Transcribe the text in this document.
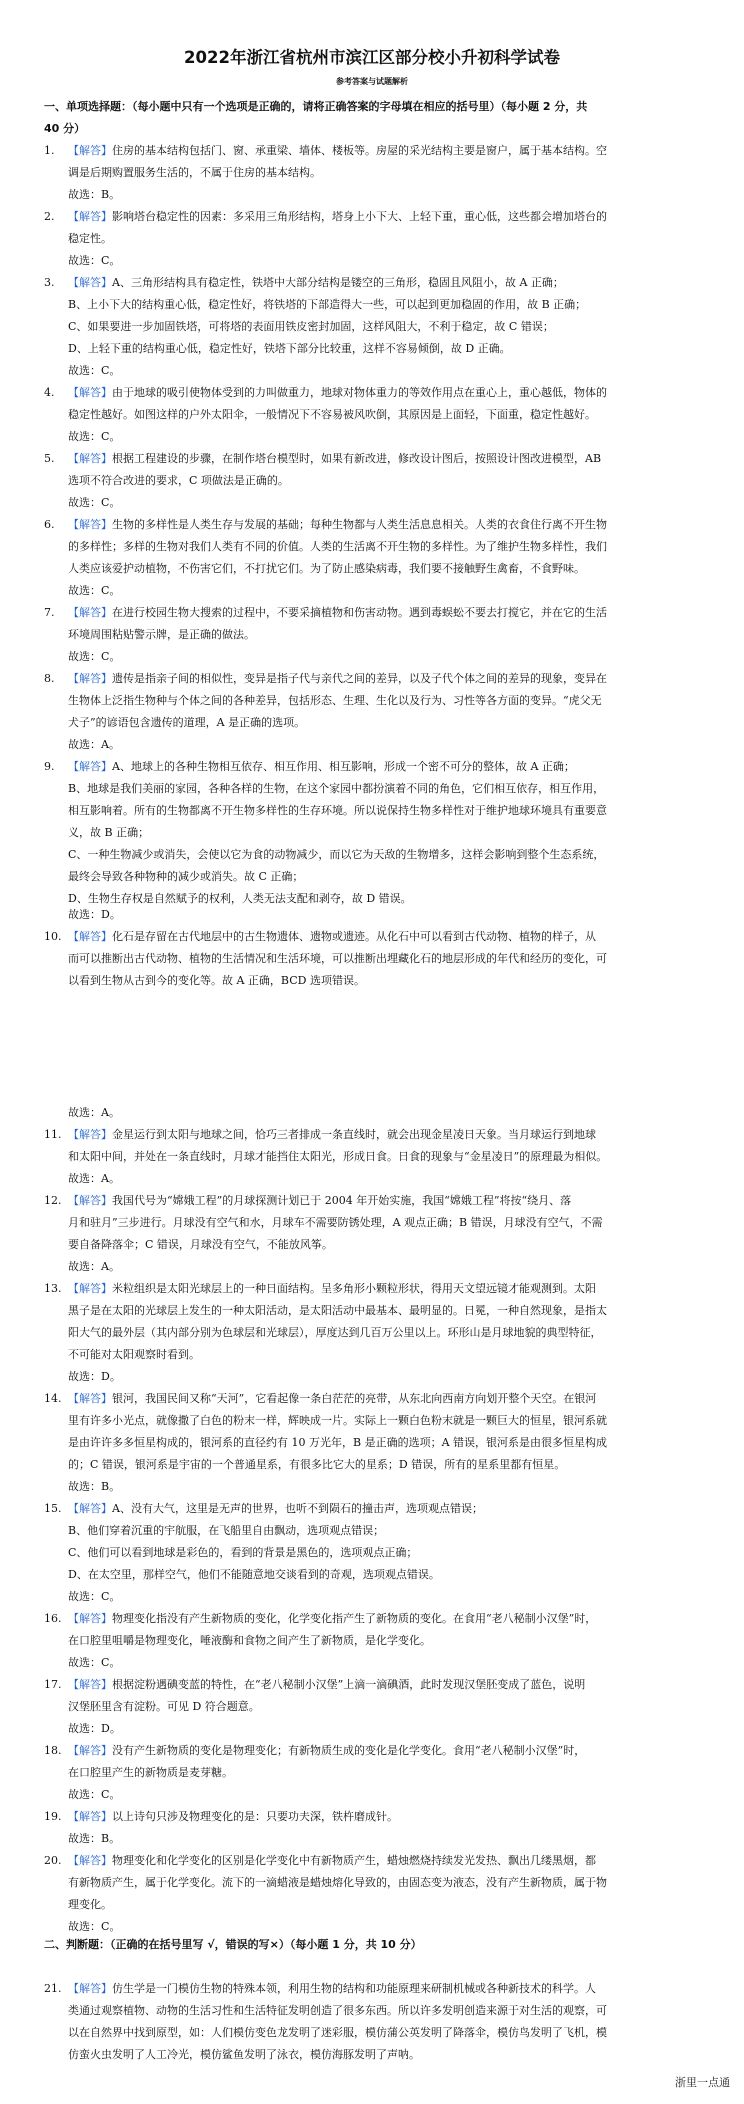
2022年浙江省杭州市滨江区部分校小升初科学试卷
参考答案与试题解析
一、单项选择题：（每小题中只有一个选项是正确的，请将正确答案的字母填在相应的括号里）（每小题 2 分，共
40 分）
1.	【解答】住房的基本结构包括门、窗、承重梁、墙体、楼板等。房屋的采光结构主要是窗户，属于基本结构。空
调是后期购置服务生活的，不属于住房的基本结构。
故选：B。
2.	【解答】影响塔台稳定性的因素：多采用三角形结构，塔身上小下大、上轻下重，重心低，这些都会增加塔台的
稳定性。
故选：C。
3.	【解答】A、三角形结构具有稳定性，铁塔中大部分结构是镂空的三角形，稳固且风阻小，故 A 正确；
B、上小下大的结构重心低，稳定性好，将铁塔的下部造得大一些，可以起到更加稳固的作用，故 B 正确；
C、如果要进一步加固铁塔，可将塔的表面用铁皮密封加固，这样风阻大，不利于稳定，故 C 错误；
D、上轻下重的结构重心低，稳定性好，铁塔下部分比较重，这样不容易倾倒，故 D 正确。
故选：C。
4.	【解答】由于地球的吸引使物体受到的力叫做重力，地球对物体重力的等效作用点在重心上，重心越低，物体的
稳定性越好。如图这样的户外太阳伞，一般情况下不容易被风吹倒，其原因是上面轻，下面重，稳定性越好。
故选：C。
5.	【解答】根据工程建设的步骤，在制作塔台模型时，如果有新改进，修改设计图后，按照设计图改进模型，AB
选项不符合改进的要求，C 项做法是正确的。
故选：C。
6.	【解答】生物的多样性是人类生存与发展的基础；每种生物都与人类生活息息相关。人类的衣食住行离不开生物
的多样性；多样的生物对我们人类有不同的价值。人类的生活离不开生物的多样性。为了维护生物多样性，我们
人类应该爱护动植物，不伤害它们，不打扰它们。为了防止感染病毒，我们要不接触野生禽畜，不食野味。
故选：C。
7.	【解答】在进行校园生物大搜索的过程中，不要采摘植物和伤害动物。遇到毒蜈蚣不要去打搅它，并在它的生活
环境周围粘贴警示牌，是正确的做法。
故选：C。
8.	【解答】遗传是指亲子间的相似性，变异是指子代与亲代之间的差异，以及子代个体之间的差异的现象，变异在
生物体上泛指生物种与个体之间的各种差异，包括形态、生理、生化以及行为、习性等各方面的变异。“虎父无
犬子”的谚语包含遗传的道理，A 是正确的选项。
故选：A。
9.	【解答】A、地球上的各种生物相互依存、相互作用、相互影响，形成一个密不可分的整体，故 A 正确；
B、地球是我们美丽的家园，各种各样的生物，在这个家园中都扮演着不同的角色，它们相互依存，相互作用，
相互影响着。所有的生物都离不开生物多样性的生存环境。所以说保持生物多样性对于维护地球环境具有重要意
义，故 B 正确；
C、一种生物减少或消失，会使以它为食的动物减少，而以它为天敌的生物增多，这样会影响到整个生态系统，
最终会导致各种物种的减少或消失。故 C 正确；
D、生物生存权是自然赋予的权利，人类无法支配和剥夺，故 D 错误。
故选：D。
10. 【解答】化石是存留在古代地层中的古生物遗体、遗物或遗迹。从化石中可以看到古代动物、植物的样子，从
而可以推断出古代动物、植物的生活情况和生活环境，可以推断出埋藏化石的地层形成的年代和经历的变化，可
以看到生物从古到今的变化等。故 A 正确，BCD 选项错误。
故选：A。
11. 【解答】金星运行到太阳与地球之间，恰巧三者排成一条直线时，就会出现金星凌日天象。当月球运行到地球
和太阳中间，并处在一条直线时，月球才能挡住太阳光，形成日食。日食的现象与“金星凌日”的原理最为相似。
故选：A。
12. 【解答】我国代号为“嫦娥工程”的月球探测计划已于 2004 年开始实施，我国“嫦娥工程”将按“绕月、落
月和驻月”三步进行。月球没有空气和水，月球车不需要防锈处理，A 观点正确；B 错误，月球没有空气，不需
要自备降落伞；C 错误，月球没有空气，不能放风筝。
故选：A。
13. 【解答】米粒组织是太阳光球层上的一种日面结构。呈多角形小颗粒形状，得用天文望远镜才能观测到。太阳
黑子是在太阳的光球层上发生的一种太阳活动，是太阳活动中最基本、最明显的。日冕，一种自然现象，是指太
阳大气的最外层（其内部分别为色球层和光球层），厚度达到几百万公里以上。环形山是月球地貌的典型特征，
不可能对太阳观察时看到。
故选：D。
14. 【解答】银河，我国民间又称“天河”，它看起像一条白茫茫的亮带，从东北向西南方向划开整个天空。在银河
里有许多小光点，就像撒了白色的粉末一样，辉映成一片。实际上一颗白色粉末就是一颗巨大的恒星，银河系就
是由许许多多恒星构成的，银河系的直径约有 10 万光年，B 是正确的选项；A 错误，银河系是由很多恒星构成
的；C 错误，银河系是宇宙的一个普通星系，有很多比它大的星系；D 错误，所有的星系里都有恒星。
故选：B。
15. 【解答】A、没有大气，这里是无声的世界，也听不到陨石的撞击声，选项观点错误；
B、他们穿着沉重的宇航服，在飞船里自由飘动，选项观点错误；
C、他们可以看到地球是彩色的，看到的背景是黑色的，选项观点正确；
D、在太空里，那样空气，他们不能随意地交谈看到的奇观，选项观点错误。
故选：C。
16. 【解答】物理变化指没有产生新物质的变化，化学变化指产生了新物质的变化。在食用“老八秘制小汉堡”时，
在口腔里咀嚼是物理变化，唾液酶和食物之间产生了新物质，是化学变化。
故选：C。
17. 【解答】根据淀粉遇碘变蓝的特性，在“老八秘制小汉堡”上滴一滴碘酒，此时发现汉堡胚变成了蓝色，说明
汉堡胚里含有淀粉。可见 D 符合题意。
故选：D。
18. 【解答】没有产生新物质的变化是物理变化；有新物质生成的变化是化学变化。食用“老八秘制小汉堡”时，
在口腔里产生的新物质是麦芽糖。
故选：C。
19. 【解答】以上诗句只涉及物理变化的是：只要功夫深，铁杵磨成针。
故选：B。
20. 【解答】物理变化和化学变化的区别是化学变化中有新物质产生，蜡烛燃烧持续发光发热、飘出几缕黑烟，都
有新物质产生，属于化学变化。流下的一滴蜡液是蜡烛熔化导致的，由固态变为液态，没有产生新物质，属于物
理变化。
故选：C。
21. 【解答】仿生学是一门模仿生物的特殊本领，利用生物的结构和功能原理来研制机械或各种新技术的科学。人
类通过观察植物、动物的生活习性和生活特征发明创造了很多东西。所以许多发明创造来源于对生活的观察，可
以在自然界中找到原型，如：人们模仿变色龙发明了迷彩服，模仿蒲公英发明了降落伞，模仿鸟发明了飞机，模
仿蛮火虫发明了人工冷光，模仿鲨鱼发明了泳衣，模仿海豚发明了声呐。
二、判断题：（正确的在括号里写 √，错误的写×）（每小题 1 分，共 10 分）
浙里一点通
